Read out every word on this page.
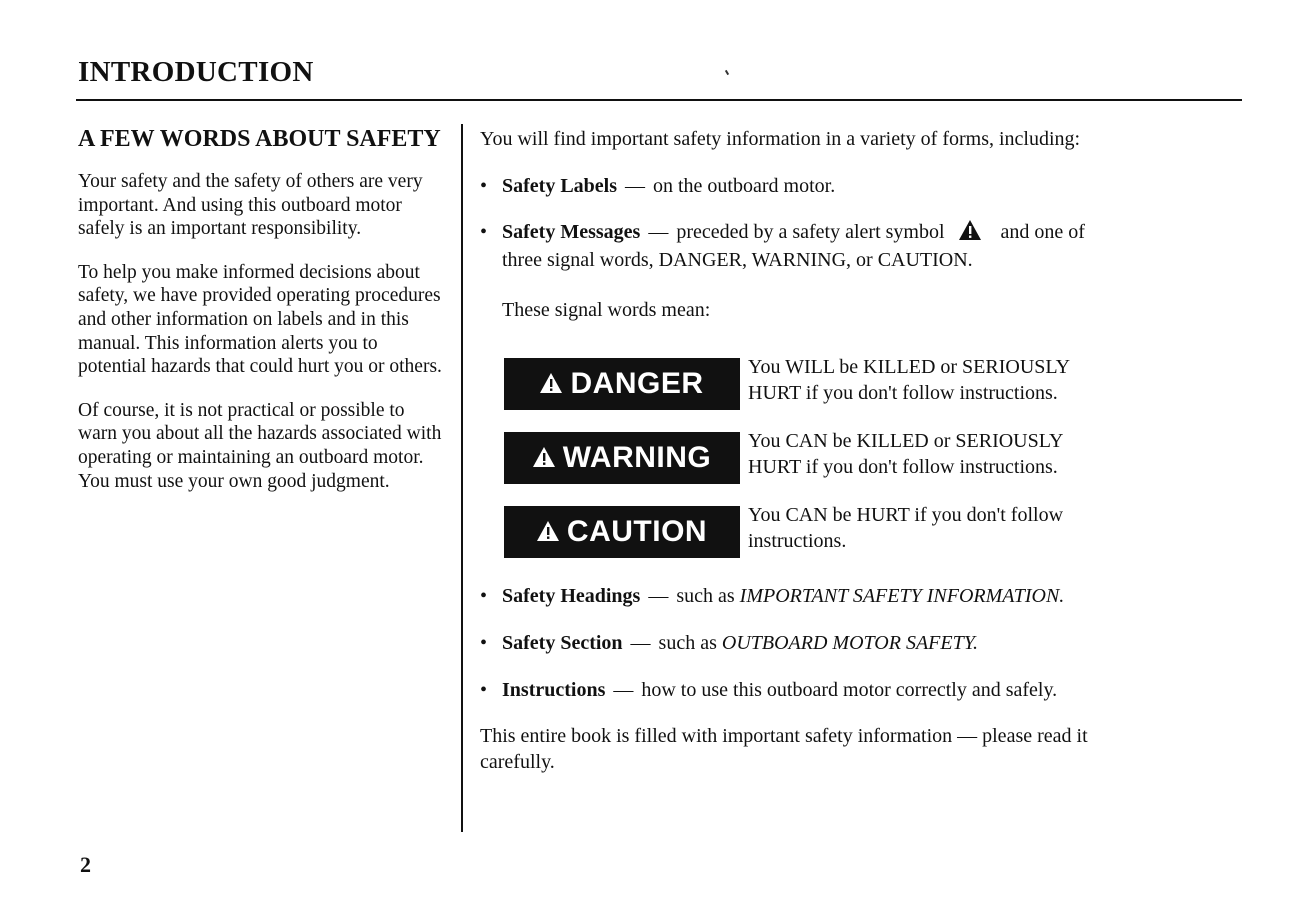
INTRODUCTION
A FEW WORDS ABOUT SAFETY

Your safety and the safety of others are very important. And using this outboard motor safely is an important responsibility.

To help you make informed decisions about safety, we have provided operating procedures and other information on labels and in this manual. This information alerts you to potential hazards that could hurt you or others.

Of course, it is not practical or possible to warn you about all the hazards associated with operating or maintaining an outboard motor. You must use your own good judgment.

You will find important safety information in a variety of forms, including:

• Safety Labels — on the outboard motor.

• Safety Messages — preceded by a safety alert symbol	and one of

three signal words, DANGER, WARNING, or CAUTION.

These signal words mean:

DANGER You WILL be KILLED or SERIOUSLY
HURT if you don't follow instructions.

WARNING You CAN be KILLED or SERIOUSLY
HURT if you don't follow instructions.

CAUTION You CAN be HURT if you don't follow
instructions.

• Safety Headings — such as IMPORTANT SAFETY INFORMATION.

• Safety Section — such as OUTBOARD MOTOR SAFETY.

• Instructions — how to use this outboard motor correctly and safely.

This entire book is filled with important safety information — please read it
carefully.

2
